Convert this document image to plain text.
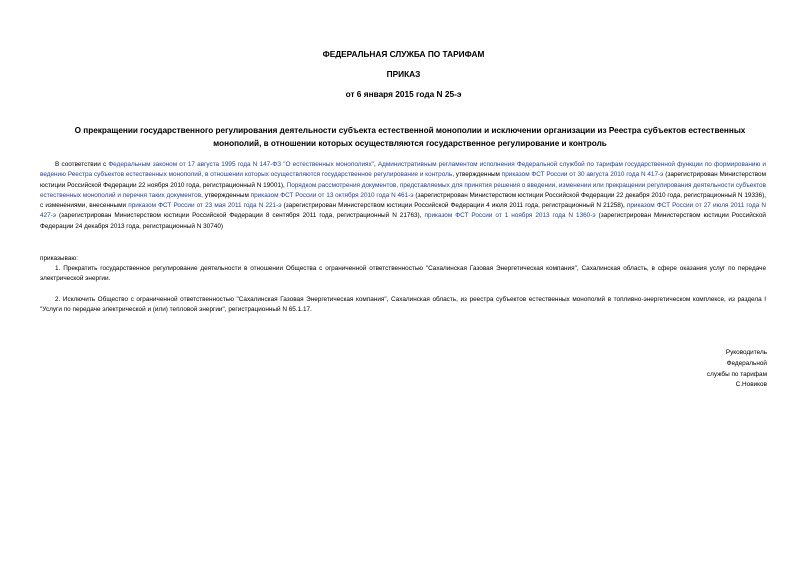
ФЕДЕРАЛЬНАЯ СЛУЖБА ПО ТАРИФАМ
ПРИКАЗ
от 6 января 2015 года N 25-э
О прекращении государственного регулирования деятельности субъекта естественной монополии и исключении организации из Реестра субъектов естественных монополий, в отношении которых осуществляются государственное регулирование и контроль
В соответствии с Федеральным законом от 17 августа 1995 года N 147-ФЗ "О естественных монополиях", Административным регламентом исполнения Федеральной службой по тарифам государственной функции по формированию и ведению Реестра субъектов естественных монополий, в отношении которых осуществляются государственное регулирование и контроль, утвержденным приказом ФСТ России от 30 августа 2010 года N 417-э (зарегистрирован Министерством юстиции Российской Федерации 22 ноября 2010 года, регистрационный N 19001), Порядком рассмотрения документов, представляемых для принятия решения о введении, изменении или прекращении регулирования деятельности субъектов естественных монополий и перечня таких документов, утвержденным приказом ФСТ России от 13 октября 2010 года N 461-э (зарегистрирован Министерством юстиции Российской Федерации 22 декабря 2010 года, регистрационный N 19336), с изменениями, внесенными приказом ФСТ России от 23 мая 2011 года N 221-э (зарегистрирован Министерством юстиции Российской Федерации 4 июля 2011 года, регистрационный N 21258), приказом ФСТ России от 27 июля 2011 года N 427-э (зарегистрирован Министерством юстиции Российской Федерации 8 сентября 2011 года, регистрационный N 21763), приказом ФСТ России от 1 ноября 2013 года N 1360-э (зарегистрирован Министерством юстиции Российской Федерации 24 декабря 2013 года, регистрационный N 30740)
приказываю:
1. Прекратить государственное регулирование деятельности в отношении Общества с ограниченной ответственностью "Сахалинская Газовая Энергетическая компания", Сахалинская область, в сфере оказания услуг по передаче электрической энергии.
2. Исключить Общество с ограниченной ответственностью "Сахалинская Газовая Энергетическая компания", Сахалинская область, из реестра субъектов естественных монополий в топливно-энергетическом комплексе, из раздела I "Услуги по передаче электрической и (или) тепловой энергии", регистрационный N 65.1.17.
Руководитель
Федеральной
службы по тарифам
С.Новиков
